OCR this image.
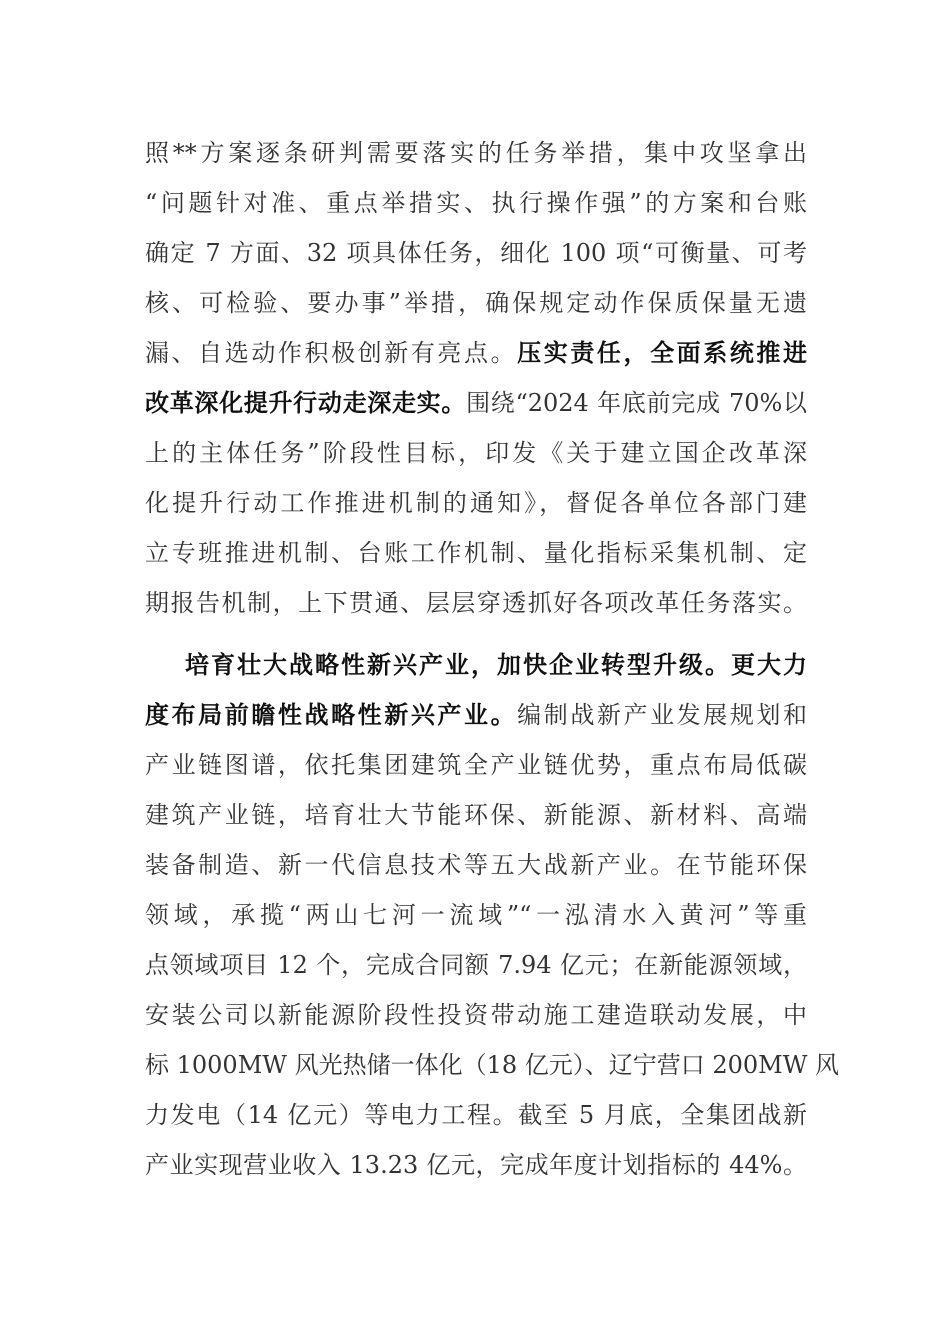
照**方案逐条研判需要落实的任务举措，集中攻坚拿出
“问题针对准、重点举措实、执行操作强”的方案和台账
确定 7 方面、32 项具体任务，细化 100 项“可衡量、可考
核、可检验、要办事”举措，确保规定动作保质保量无遗
漏、自选动作积极创新有亮点。压实责任，全面系统推进
改革深化提升行动走深走实。围绕“2024 年底前完成 70%以
上的主体任务”阶段性目标，印发《关于建立国企改革深
化提升行动工作推进机制的通知》，督促各单位各部门建
立专班推进机制、台账工作机制、量化指标采集机制、定
期报告机制，上下贯通、层层穿透抓好各项改革任务落实。
培育壮大战略性新兴产业，加快企业转型升级。更大力
度布局前瞻性战略性新兴产业。编制战新产业发展规划和
产业链图谱，依托集团建筑全产业链优势，重点布局低碳
建筑产业链，培育壮大节能环保、新能源、新材料、高端
装备制造、新一代信息技术等五大战新产业。在节能环保
领域，承揽“两山七河一流域”“一泓清水入黄河”等重
点领域项目 12 个，完成合同额 7.94 亿元；在新能源领域，
安装公司以新能源阶段性投资带动施工建造联动发展，中
标 1000MW 风光热储一体化（18 亿元）、辽宁营口 200MW 风
力发电（14 亿元）等电力工程。截至 5 月底，全集团战新
产业实现营业收入 13.23 亿元，完成年度计划指标的 44%。
